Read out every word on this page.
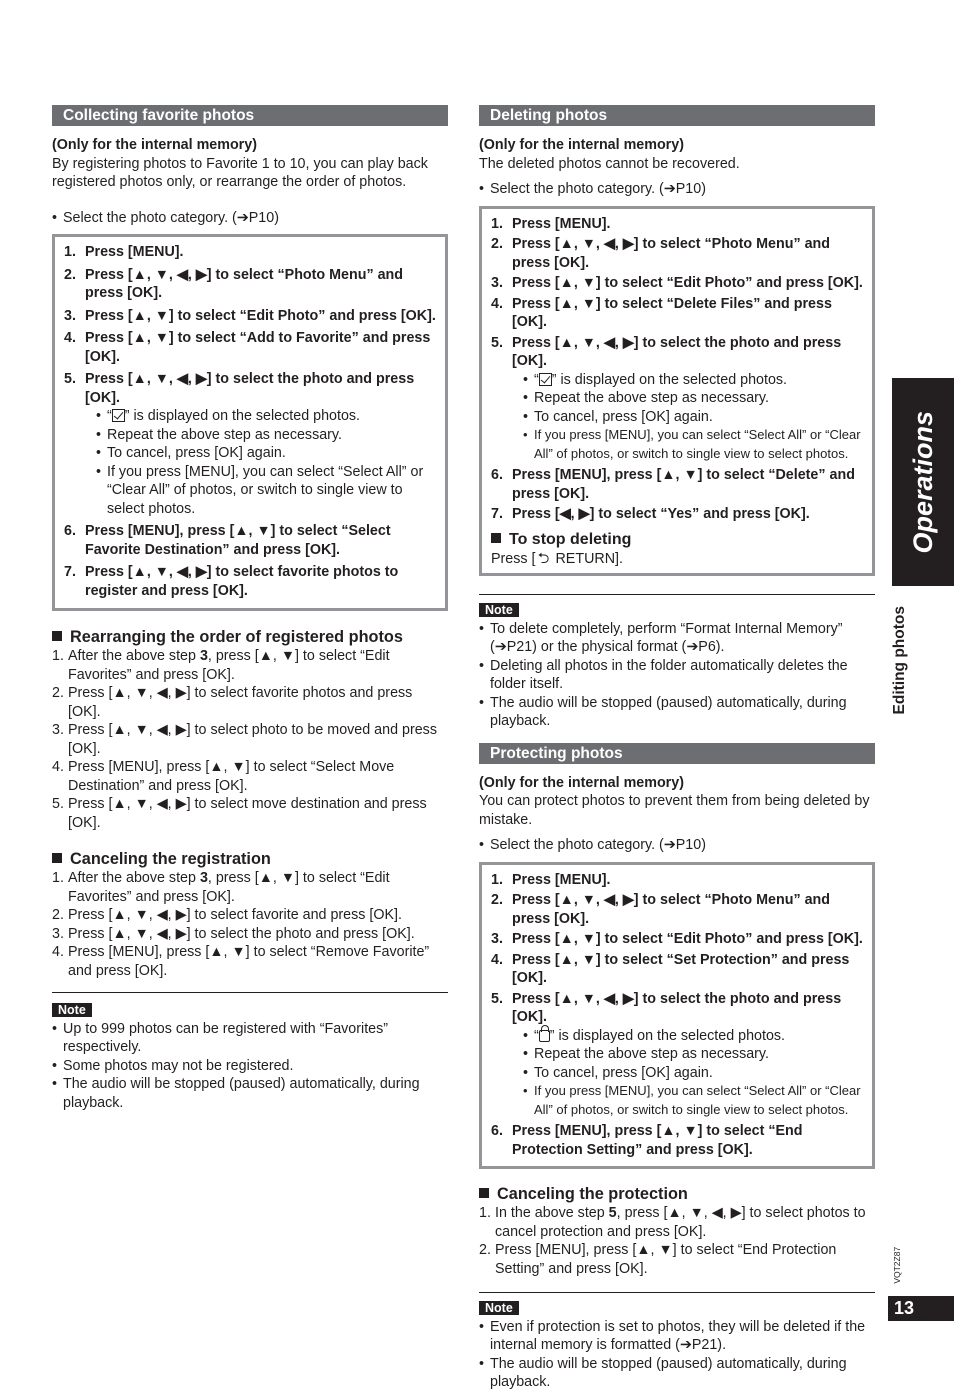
Collecting favorite photos
(Only for the internal memory)
By registering photos to Favorite 1 to 10, you can play back registered photos only, or rearrange the order of photos.
• Select the photo category. (➔P10)
1. Press [MENU].
2. Press [▲, ▼, ◀, ▶] to select “Photo Menu” and press [OK].
3. Press [▲, ▼] to select “Edit Photo” and press [OK].
4. Press [▲, ▼] to select “Add to Favorite” and press [OK].
5. Press [▲, ▼, ◀, ▶] to select the photo and press [OK].
• “ ” is displayed on the selected photos.
• Repeat the above step as necessary.
• To cancel, press [OK] again.
• If you press [MENU], you can select “Select All” or “Clear All” of photos, or switch to single view to select photos.
6. Press [MENU], press [▲, ▼] to select “Select Favorite Destination” and press [OK].
7. Press [▲, ▼, ◀, ▶] to select favorite photos to register and press [OK].
Rearranging the order of registered photos
1. After the above step 3, press [▲, ▼] to select “Edit Favorites” and press [OK].
2. Press [▲, ▼, ◀, ▶] to select favorite photos and press [OK].
3. Press [▲, ▼, ◀, ▶] to select photo to be moved and press [OK].
4. Press [MENU], press [▲, ▼] to select “Select Move Destination” and press [OK].
5. Press [▲, ▼, ◀, ▶] to select move destination and press [OK].
Canceling the registration
1. After the above step 3, press [▲, ▼] to select “Edit Favorites” and press [OK].
2. Press [▲, ▼, ◀, ▶] to select favorite and press [OK].
3. Press [▲, ▼, ◀, ▶] to select the photo and press [OK].
4. Press [MENU], press [▲, ▼] to select “Remove Favorite” and press [OK].
Note
• Up to 999 photos can be registered with “Favorites” respectively.
• Some photos may not be registered.
• The audio will be stopped (paused) automatically, during playback.
Deleting photos
(Only for the internal memory)
The deleted photos cannot be recovered.
• Select the photo category. (➔P10)
1. Press [MENU].
2. Press [▲, ▼, ◀, ▶] to select “Photo Menu” and press [OK].
3. Press [▲, ▼] to select “Edit Photo” and press [OK].
4. Press [▲, ▼] to select “Delete Files” and press [OK].
5. Press [▲, ▼, ◀, ▶] to select the photo and press [OK].
• “ ” is displayed on the selected photos.
• Repeat the above step as necessary.
• To cancel, press [OK] again.
• If you press [MENU], you can select “Select All” or “Clear All” of photos, or switch to single view to select photos.
6. Press [MENU], press [▲, ▼] to select “Delete” and press [OK].
7. Press [◀, ▶] to select “Yes” and press [OK].
To stop deleting
Press [ ⮌ RETURN].
Note
• To delete completely, perform “Format Internal Memory” (➔P21) or the physical format (➔P6).
• Deleting all photos in the folder automatically deletes the folder itself.
• The audio will be stopped (paused) automatically, during playback.
Protecting photos
(Only for the internal memory)
You can protect photos to prevent them from being deleted by mistake.
• Select the photo category. (➔P10)
1. Press [MENU].
2. Press [▲, ▼, ◀, ▶] to select “Photo Menu” and press [OK].
3. Press [▲, ▼] to select “Edit Photo” and press [OK].
4. Press [▲, ▼] to select “Set Protection” and press [OK].
5. Press [▲, ▼, ◀, ▶] to select the photo and press [OK].
• “ ” is displayed on the selected photos.
• Repeat the above step as necessary.
• To cancel, press [OK] again.
• If you press [MENU], you can select “Select All” or “Clear All” of photos, or switch to single view to select photos.
6. Press [MENU], press [▲, ▼] to select “End Protection Setting” and press [OK].
Canceling the protection
1. In the above step 5, press [▲, ▼, ◀, ▶] to select photos to cancel protection and press [OK].
2. Press [MENU], press [▲, ▼] to select “End Protection Setting” and press [OK].
Note
• Even if protection is set to photos, they will be deleted if the internal memory is formatted (➔P21).
• The audio will be stopped (paused) automatically, during playback.
Operations
Editing photos
VQT2Z87
13
